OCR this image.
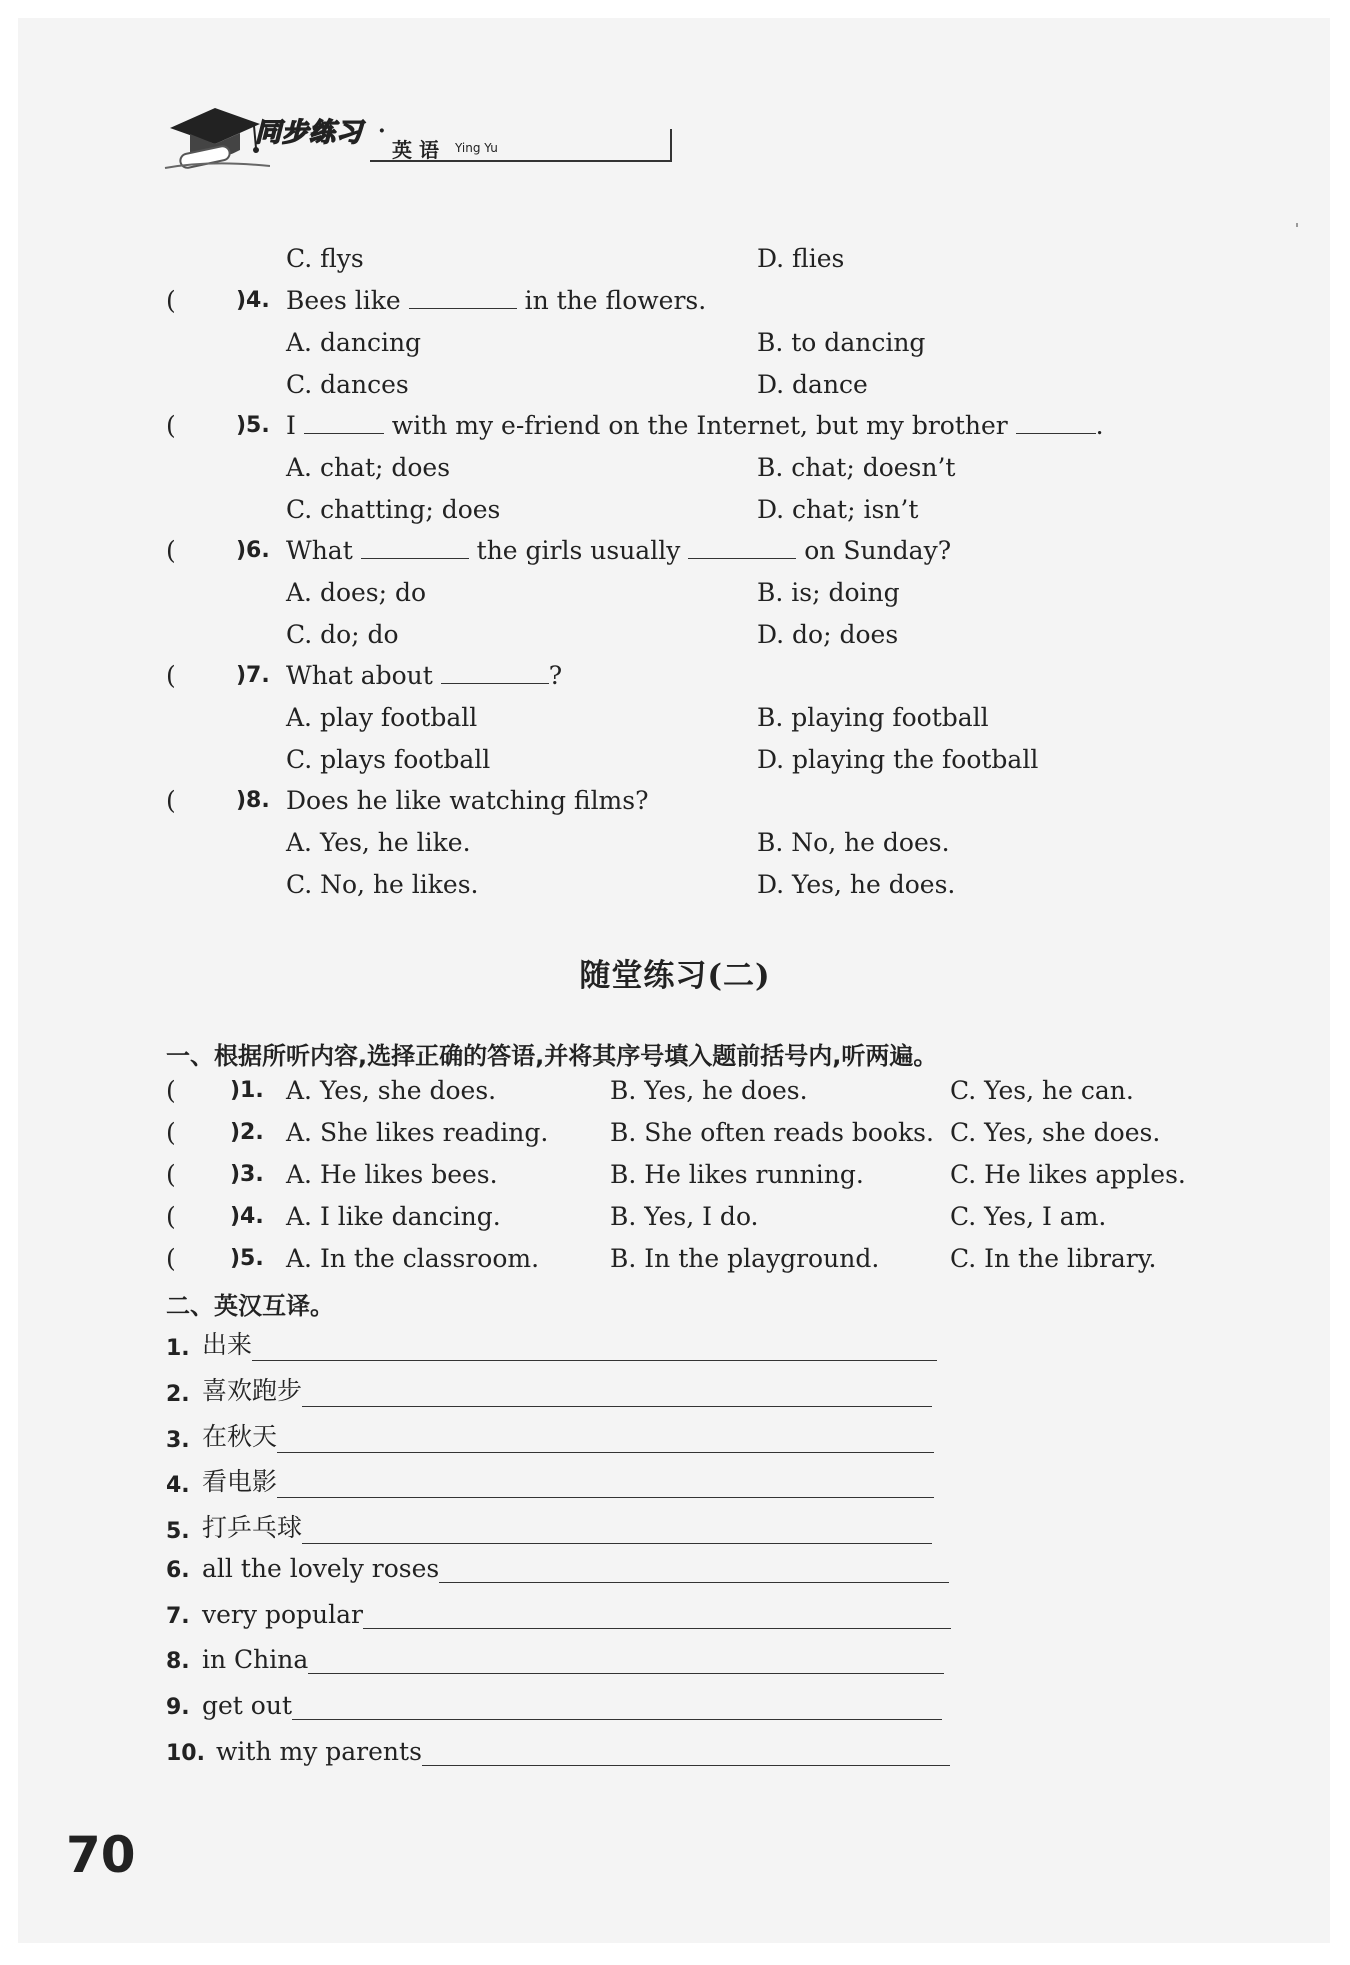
同步练习 ·
英 语 Ying Yu
C. flys	D. flies
(	)4. Bees like	in the flowers.
A. dancing	B. to dancing
C. dances	D. dance
(	)5. I	with my e-friend on the Internet, but my brother	.
A. chat; does	B. chat; doesn’t
C. chatting; does	D. chat; isn’t
(	)6. What	the girls usually	on Sunday?
A. does; do	B. is; doing
C. do; do	D. do; does
(	)7. What about	?
A. play football	B. playing football
C. plays football	D. playing the football
(	)8. Does he like watching films?
A. Yes, he like.	B. No, he does.
C. No, he likes.	D. Yes, he does.
随堂练习(二)
一、根据所听内容,选择正确的答语,并将其序号填入题前括号内,听两遍。
( )1. A. Yes, she does.	B. Yes, he does.	C. Yes, he can.
( )2. A. She likes reading. B. She often reads books. C. Yes, she does.
( )3. A. He likes bees.	B. He likes running.	C. He likes apples.
( )4. A. I like dancing.	B. Yes, I do.	C. Yes, I am.
( )5. A. In the classroom.	B. In the playground.	C. In the library.
二、英汉互译。
1. 出来
2. 喜欢跑步
3. 在秋天
4. 看电影
5. 打乒乓球
6. all the lovely roses
7. very popular
8. in China
9. get out
10. with my parents
70
